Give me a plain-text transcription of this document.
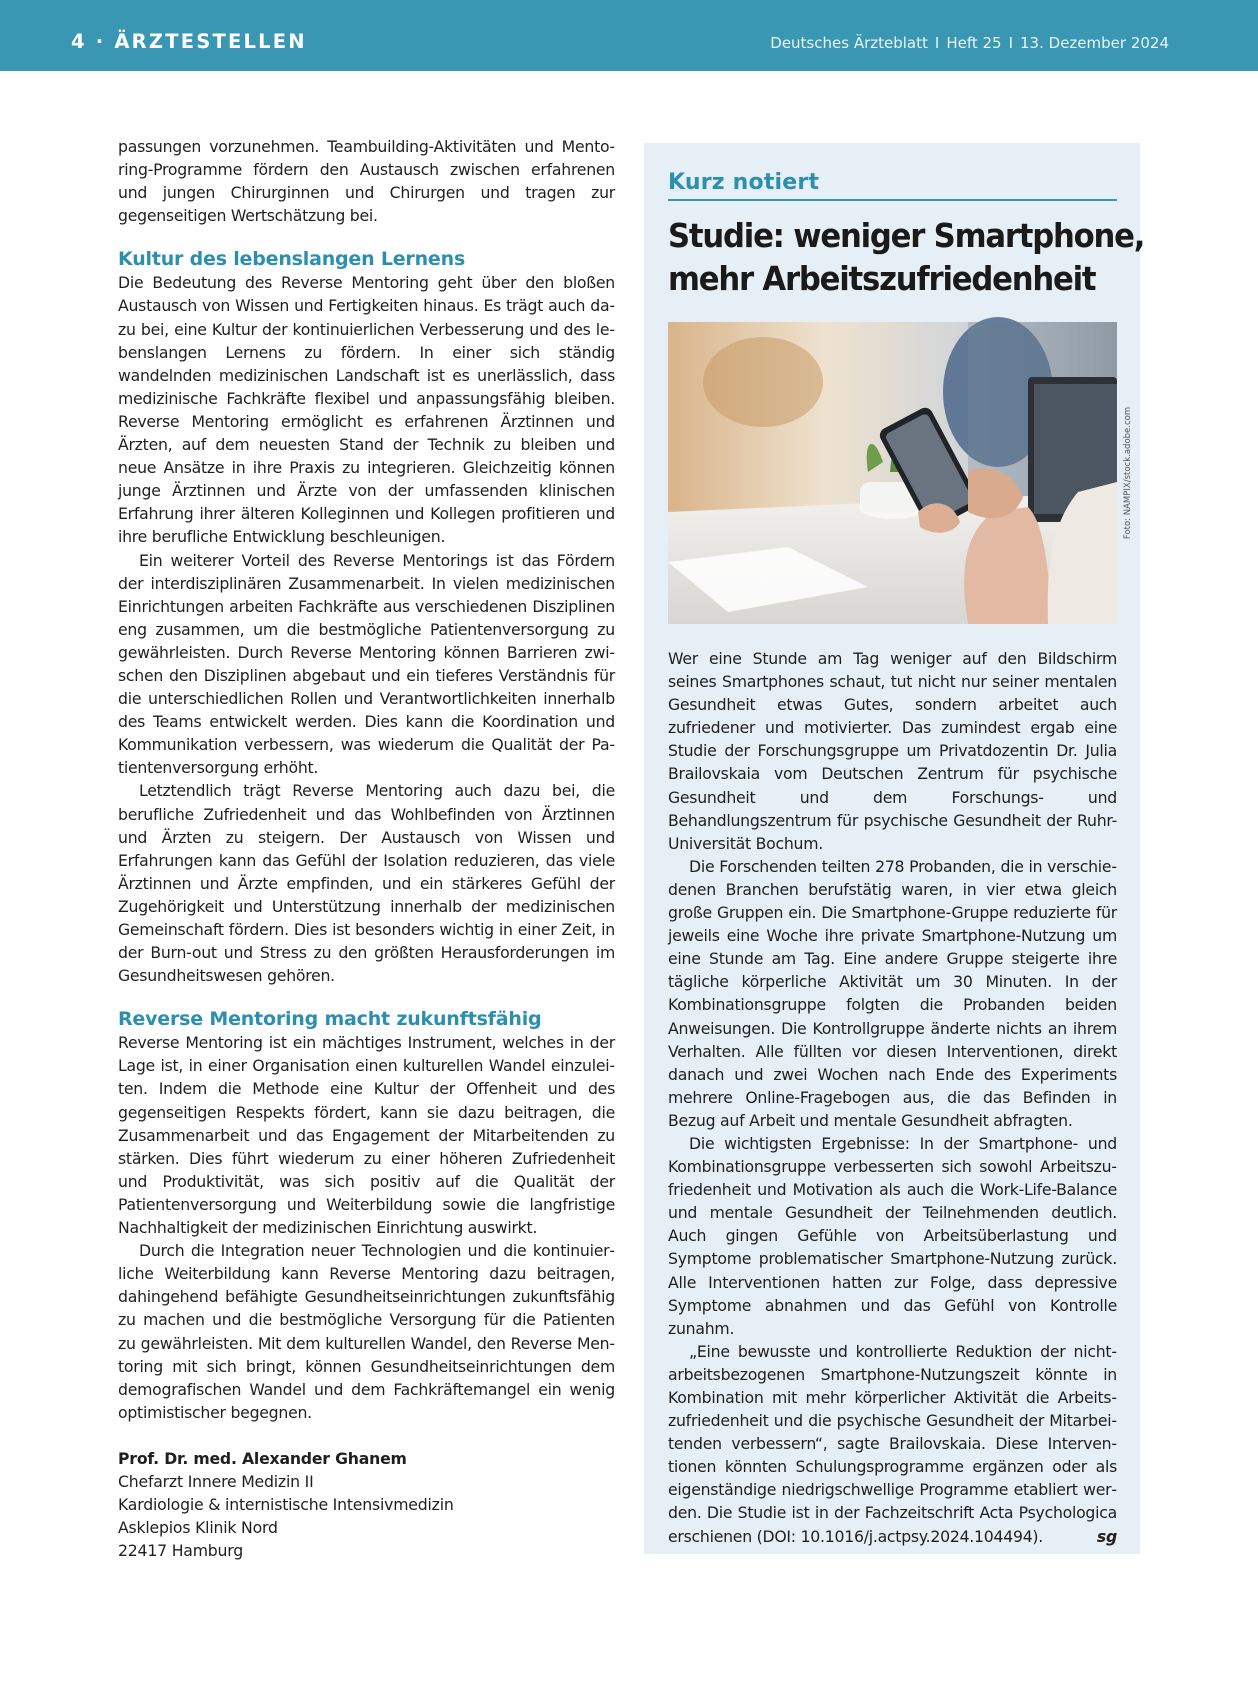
4 · ÄRZTESTELLEN	Deutsches Ärzteblatt I Heft 25 I 13. Dezember 2024

passungen vorzunehmen. Teambuilding-Aktivitäten und Mentoring-Programme fördern den Austausch zwischen erfahrenen und jungen Chirurginnen und Chirurgen und tragen zur gegenseitigen Wertschätzung bei.

Kultur des lebenslangen Lernens

Die Bedeutung des Reverse Mentoring geht über den bloßen Austausch von Wissen und Fertigkeiten hinaus. Es trägt auch dazu bei, eine Kultur der kontinuierlichen Verbesserung und des lebenslangen Lernens zu fördern. In einer sich ständig wandelnden medizinischen Landschaft ist es unerlässlich, dass medizinische Fachkräfte flexibel und anpassungsfähig bleiben. Reverse Mentoring ermöglicht es erfahrenen Ärztinnen und Ärzten, auf dem neuesten Stand der Technik zu bleiben und neue Ansätze in ihre Praxis zu integrieren. Gleichzeitig können junge Ärztinnen und Ärzte von der umfassenden klinischen Erfahrung ihrer älteren Kolleginnen und Kollegen profitieren und ihre berufliche Entwicklung beschleunigen.

Ein weiterer Vorteil des Reverse Mentorings ist das Fördern der interdisziplinären Zusammenarbeit. In vielen medizinischen Einrichtungen arbeiten Fachkräfte aus verschiedenen Disziplinen eng zusammen, um die bestmögliche Patientenversorgung zu gewährleisten. Durch Reverse Mentoring können Barrieren zwischen den Disziplinen abgebaut und ein tieferes Verständnis für die unterschiedlichen Rollen und Verantwortlichkeiten innerhalb des Teams entwickelt werden. Dies kann die Koordination und Kommunikation verbessern, was wiederum die Qualität der Patientenversorgung erhöht.

Letztendlich trägt Reverse Mentoring auch dazu bei, die berufliche Zufriedenheit und das Wohlbefinden von Ärztinnen und Ärzten zu steigern. Der Austausch von Wissen und Erfahrungen kann das Gefühl der Isolation reduzieren, das viele Ärztinnen und Ärzte empfinden, und ein stärkeres Gefühl der Zugehörigkeit und Unterstützung innerhalb der medizinischen Gemeinschaft fördern. Dies ist besonders wichtig in einer Zeit, in der Burn-out und Stress zu den größten Herausforderungen im Gesundheitswesen gehören.

Reverse Mentoring macht zukunftsfähig

Reverse Mentoring ist ein mächtiges Instrument, welches in der Lage ist, in einer Organisation einen kulturellen Wandel einzuleiten. Indem die Methode eine Kultur der Offenheit und des gegenseitigen Respekts fördert, kann sie dazu beitragen, die Zusammenarbeit und das Engagement der Mitarbeitenden zu stärken. Dies führt wiederum zu einer höheren Zufriedenheit und Produktivität, was sich positiv auf die Qualität der Patientenversorgung und Weiterbildung sowie die langfristige Nachhaltigkeit der medizinischen Einrichtung auswirkt.

Durch die Integration neuer Technologien und die kontinuierliche Weiterbildung kann Reverse Mentoring dazu beitragen, dahingehend befähigte Gesundheitseinrichtungen zukunftsfähig zu machen und die bestmögliche Versorgung für die Patienten zu gewährleisten. Mit dem kulturellen Wandel, den Reverse Mentoring mit sich bringt, können Gesundheitseinrichtungen dem demografischen Wandel und dem Fachkräftemangel ein wenig optimistischer begegnen.

Prof. Dr. med. Alexander Ghanem
Chefarzt Innere Medizin II
Kardiologie & internistische Intensivmedizin
Asklepios Klinik Nord
22417 Hamburg
Kurz notiert
Studie: weniger Smartphone,
mehr Arbeitszufriedenheit
Foto: NAMPIX/stock.adobe.com

Wer eine Stunde am Tag weniger auf den Bildschirm seines Smartphones schaut, tut nicht nur seiner mentalen Gesundheit etwas Gutes, sondern arbeitet auch zufriedener und motivierter. Das zumindest ergab eine Studie der Forschungsgruppe um Privatdozentin Dr. Julia Brailovskaia vom Deutschen Zentrum für psychische Gesundheit und dem Forschungs- und Behandlungszentrum für psychische Gesundheit der Ruhr-Universität Bochum.

Die Forschenden teilten 278 Probanden, die in verschiedenen Branchen berufstätig waren, in vier etwa gleich große Gruppen ein. Die Smartphone-Gruppe reduzierte für jeweils eine Woche ihre private Smartphone-Nutzung um eine Stunde am Tag. Eine andere Gruppe steigerte ihre tägliche körperliche Aktivität um 30 Minuten. In der Kombinationsgruppe folgten die Probanden beiden Anweisungen. Die Kontrollgruppe änderte nichts an ihrem Verhalten. Alle füllten vor diesen Interventionen, direkt danach und zwei Wochen nach Ende des Experiments mehrere Online-Fragebogen aus, die das Befinden in Bezug auf Arbeit und mentale Gesundheit abfragten.

Die wichtigsten Ergebnisse: In der Smartphone- und Kombinationsgruppe verbesserten sich sowohl Arbeitszufriedenheit und Motivation als auch die Work-Life-Balance und mentale Gesundheit der Teilnehmenden deutlich. Auch gingen Gefühle von Arbeitsüberlastung und Symptome problematischer Smartphone-Nutzung zurück. Alle Interventionen hatten zur Folge, dass depressive Symptome abnahmen und das Gefühl von Kontrolle zunahm.

„Eine bewusste und kontrollierte Reduktion der nichtarbeitsbezogenen Smartphone-Nutzungszeit könnte in Kombination mit mehr körperlicher Aktivität die Arbeitszufriedenheit und die psychische Gesundheit der Mitarbeitenden verbessern“, sagte Brailovskaia. Diese Interventionen könnten Schulungsprogramme ergänzen oder als eigenständige niedrigschwellige Programme etabliert werden. Die Studie ist in der Fachzeitschrift Acta Psychologica erschienen (DOI: 10.1016/j.actpsy.2024.104494).	sg
